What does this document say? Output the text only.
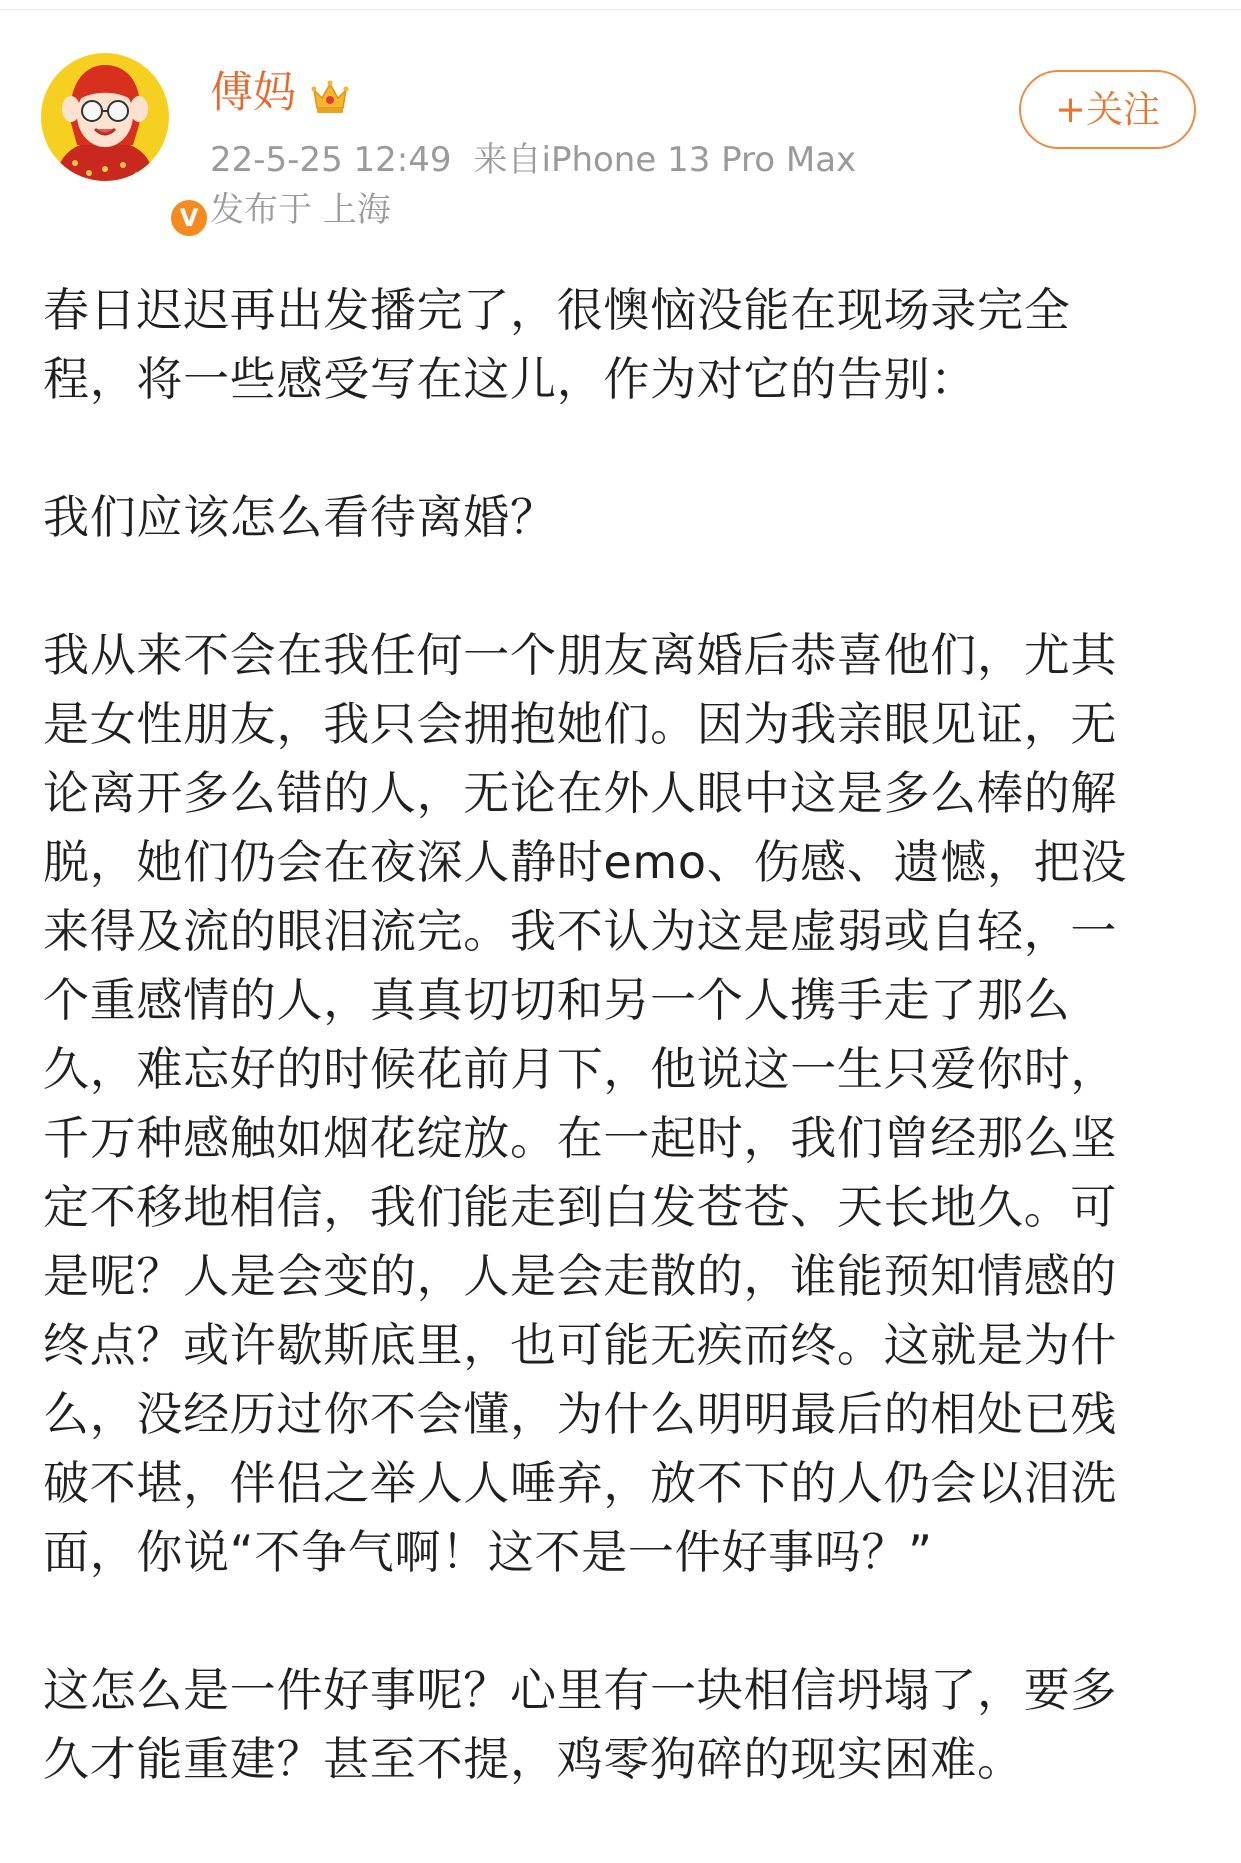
V
傅妈
22-5-25 12:49 来自iPhone 13 Pro Max
发布于 上海
+关注
春日迟迟再出发播完了，很懊恼没能在现场录完全
程，将一些感受写在这儿，作为对它的告别：
我们应该怎么看待离婚？
我从来不会在我任何一个朋友离婚后恭喜他们，尤其
是女性朋友，我只会拥抱她们。因为我亲眼见证，无
论离开多么错的人，无论在外人眼中这是多么棒的解
脱，她们仍会在夜深人静时emo、伤感、遗憾，把没
来得及流的眼泪流完。我不认为这是虚弱或自轻，一
个重感情的人，真真切切和另一个人携手走了那么
久，难忘好的时候花前月下，他说这一生只爱你时，
千万种感触如烟花绽放。在一起时，我们曾经那么坚
定不移地相信，我们能走到白发苍苍、天长地久。可
是呢？人是会变的，人是会走散的，谁能预知情感的
终点？或许歇斯底里，也可能无疾而终。这就是为什
么，没经历过你不会懂，为什么明明最后的相处已残
破不堪，伴侣之举人人唾弃，放不下的人仍会以泪洗
面，你说“不争气啊！这不是一件好事吗？”
这怎么是一件好事呢？心里有一块相信坍塌了，要多
久才能重建？甚至不提，鸡零狗碎的现实困难。
